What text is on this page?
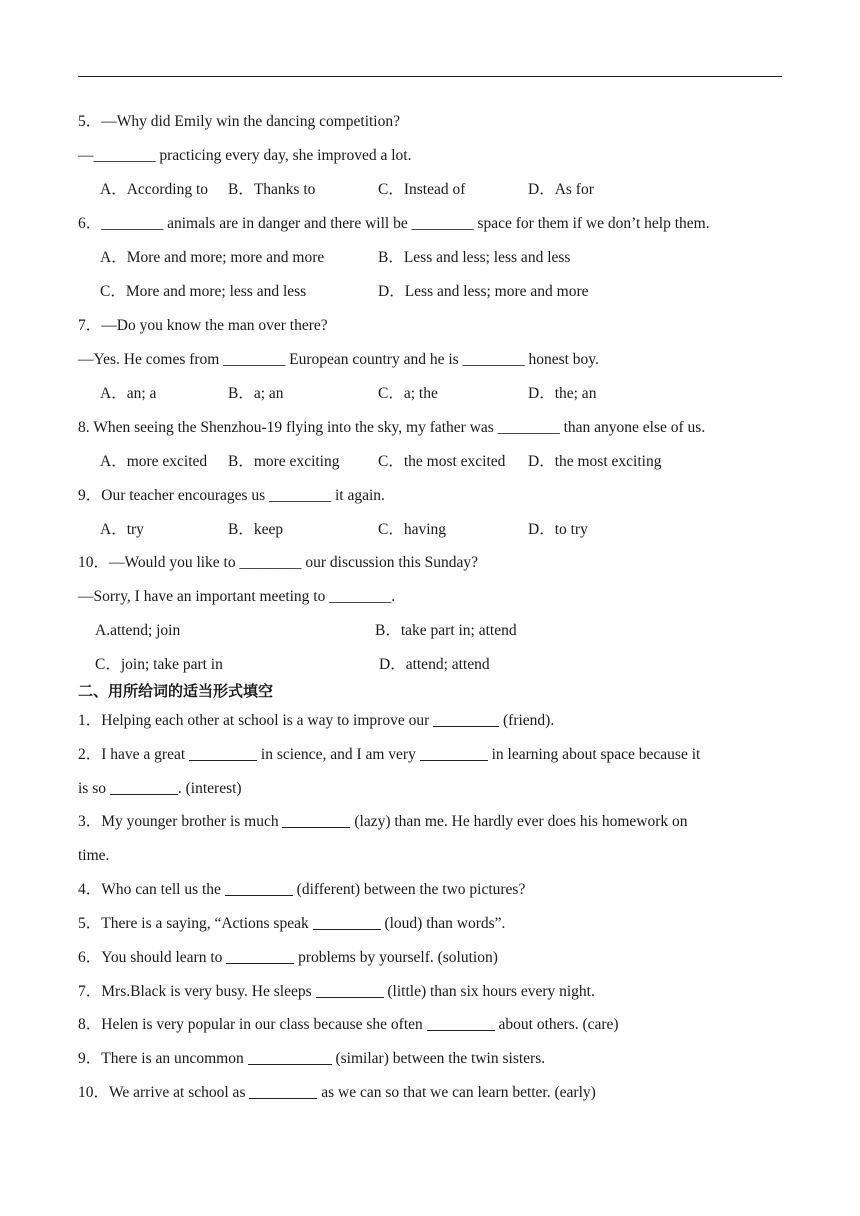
5．—Why did Emily win the dancing competition?
—________ practicing every day, she improved a lot.
A．According to B．Thanks to	C．Instead of	D．As for
6．________ animals are in danger and there will be ________ space for them if we don’t help them.
A．More and more; more and more	B．Less and less; less and less
C．More and more; less and less	D．Less and less; more and more
7．—Do you know the man over there?
—Yes. He comes from ________ European country and he is ________ honest boy.
A．an; a	B．a; an	C．a; the	D．the; an
8. When seeing the Shenzhou-19 flying into the sky, my father was ________ than anyone else of us.
A．more excited B．more exciting C．the most excited D．the most exciting
9．Our teacher encourages us ________ it again.
A．try	B．keep	C．having	D．to try
10．—Would you like to ________ our discussion this Sunday?
—Sorry, I have an important meeting to ________.
A.attend; join	B．take part in; attend
C．join; take part in	D．attend; attend
二、用所给词的适当形式填空
1．Helping each other at school is a way to improve our	(friend).
2．I have a great	in science, and I am very	in learning about space because it
is so	. (interest)
3．My younger brother is much	(lazy) than me. He hardly ever does his homework on
time.
4．Who can tell us the	(different) between the two pictures?
5．There is a saying, “Actions speak	(loud) than words”.
6．You should learn to	problems by yourself. (solution)
7．Mrs.Black is very busy. He sleeps	(little) than six hours every night.
8．Helen is very popular in our class because she often	about others. (care)
9．There is an uncommon	(similar) between the twin sisters.
10．We arrive at school as	as we can so that we can learn better. (early)
